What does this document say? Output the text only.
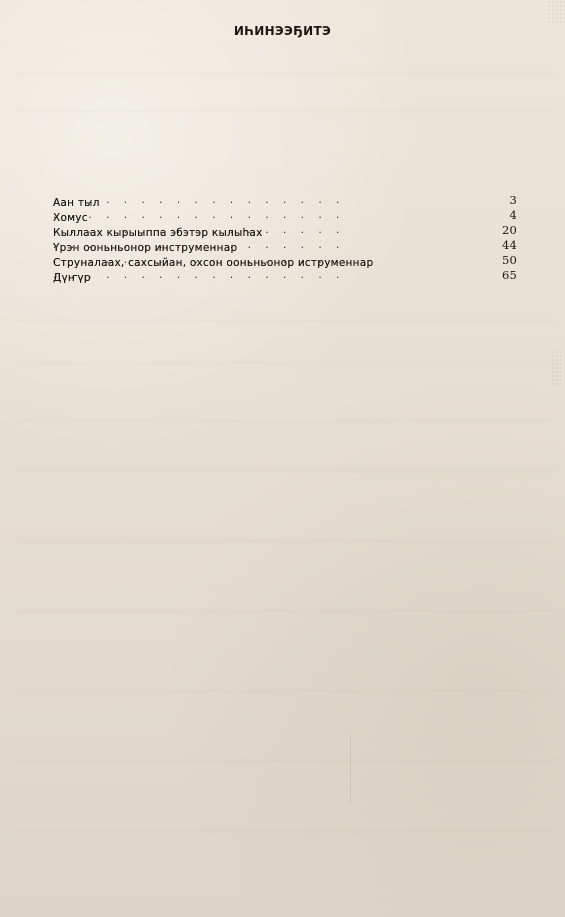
ИҺИНЭЭҔИТЭ
Аан тыл .	3
Хомус .	4
Кыллаах кырыыппа эбэтэр кылыһах .	20
Үрэн ооньньонор инструменнар .	44
Струналаах, сахсыйан, охсон ооньньонор иструменнар .	50
Дүҥүр .	65
